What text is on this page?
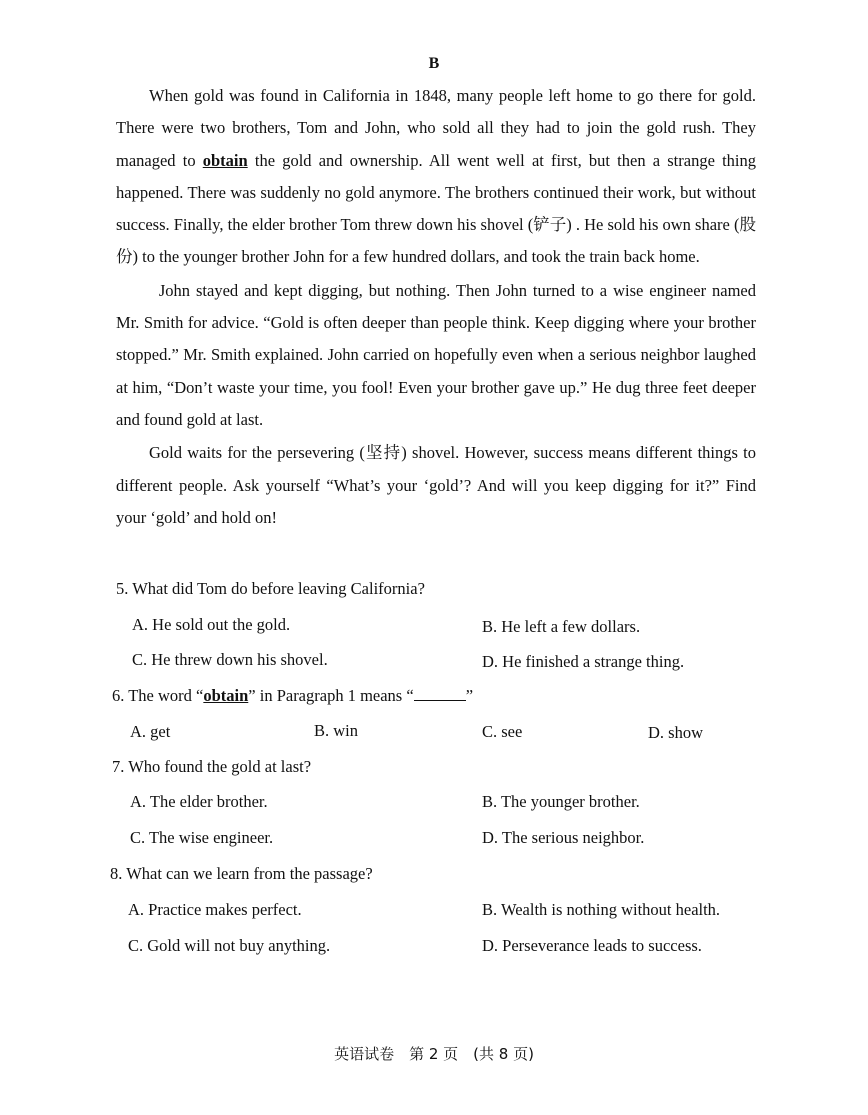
B

When gold was found in California in 1848, many people left home to go there for gold. There were two brothers, Tom and John, who sold all they had to join the gold rush. They managed to obtain the gold and ownership. All went well at first, but then a strange thing happened. There was suddenly no gold anymore. The brothers continued their work, but without success. Finally, the elder brother Tom threw down his shovel (铲子) . He sold his own share (股份) to the younger brother John for a few hundred dollars, and took the train back home.

John stayed and kept digging, but nothing. Then John turned to a wise engineer named Mr. Smith for advice. “Gold is often deeper than people think. Keep digging where your brother stopped.” Mr. Smith explained. John carried on hopefully even when a serious neighbor laughed at him, “Don’t waste your time, you fool! Even your brother gave up.” He dug three feet deeper and found gold at last.

Gold waits for the persevering (坚持) shovel. However, success means different things to different people. Ask yourself “What’s your ‘gold’? And will you keep digging for it?” Find your ‘gold’ and hold on!

5. What did Tom do before leaving California?
A. He sold out the gold.	B. He left a few dollars.
C. He threw down his shovel.	D. He finished a strange thing.
6. The word “obtain” in Paragraph 1 means “	”
A. get	B. win	C. see	D. show
7. Who found the gold at last?
A. The elder brother.	B. The younger brother.
C. The wise engineer.	D. The serious neighbor.
8. What can we learn from the passage?
A. Practice makes perfect.	B. Wealth is nothing without health.
C. Gold will not buy anything.	D. Perseverance leads to success.
英语试卷　第 2 页　(共 8 页)
